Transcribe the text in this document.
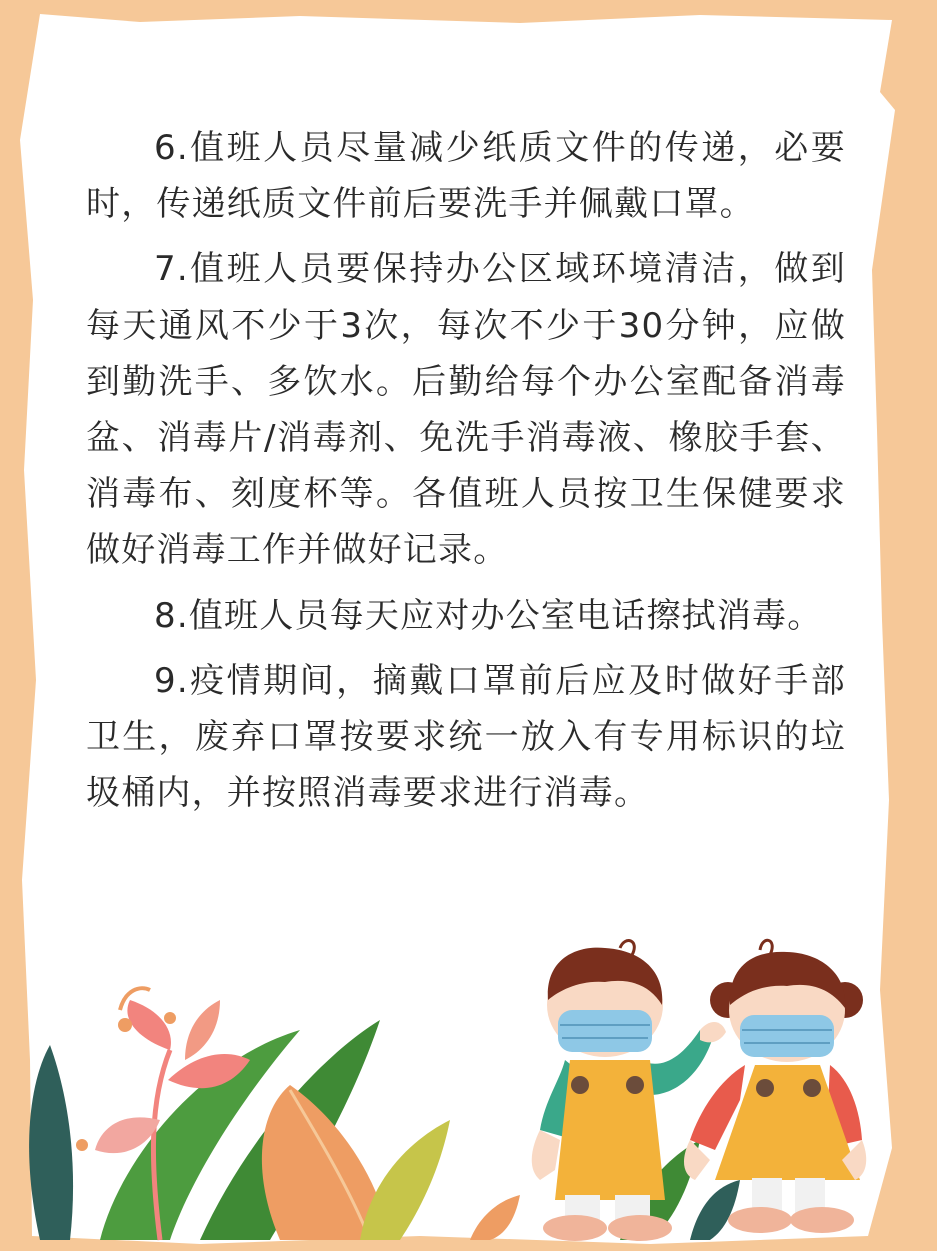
6.值班人员尽量减少纸质文件的传递，必要时，传递纸质文件前后要洗手并佩戴口罩。

7.值班人员要保持办公区域环境清洁，做到每天通风不少于3次，每次不少于30分钟，应做到勤洗手、多饮水。后勤给每个办公室配备消毒盆、消毒片/消毒剂、免洗手消毒液、橡胶手套、消毒布、刻度杯等。各值班人员按卫生保健要求做好消毒工作并做好记录。

8.值班人员每天应对办公室电话擦拭消毒。

9.疫情期间，摘戴口罩前后应及时做好手部卫生，废弃口罩按要求统一放入有专用标识的垃圾桶内，并按照消毒要求进行消毒。
